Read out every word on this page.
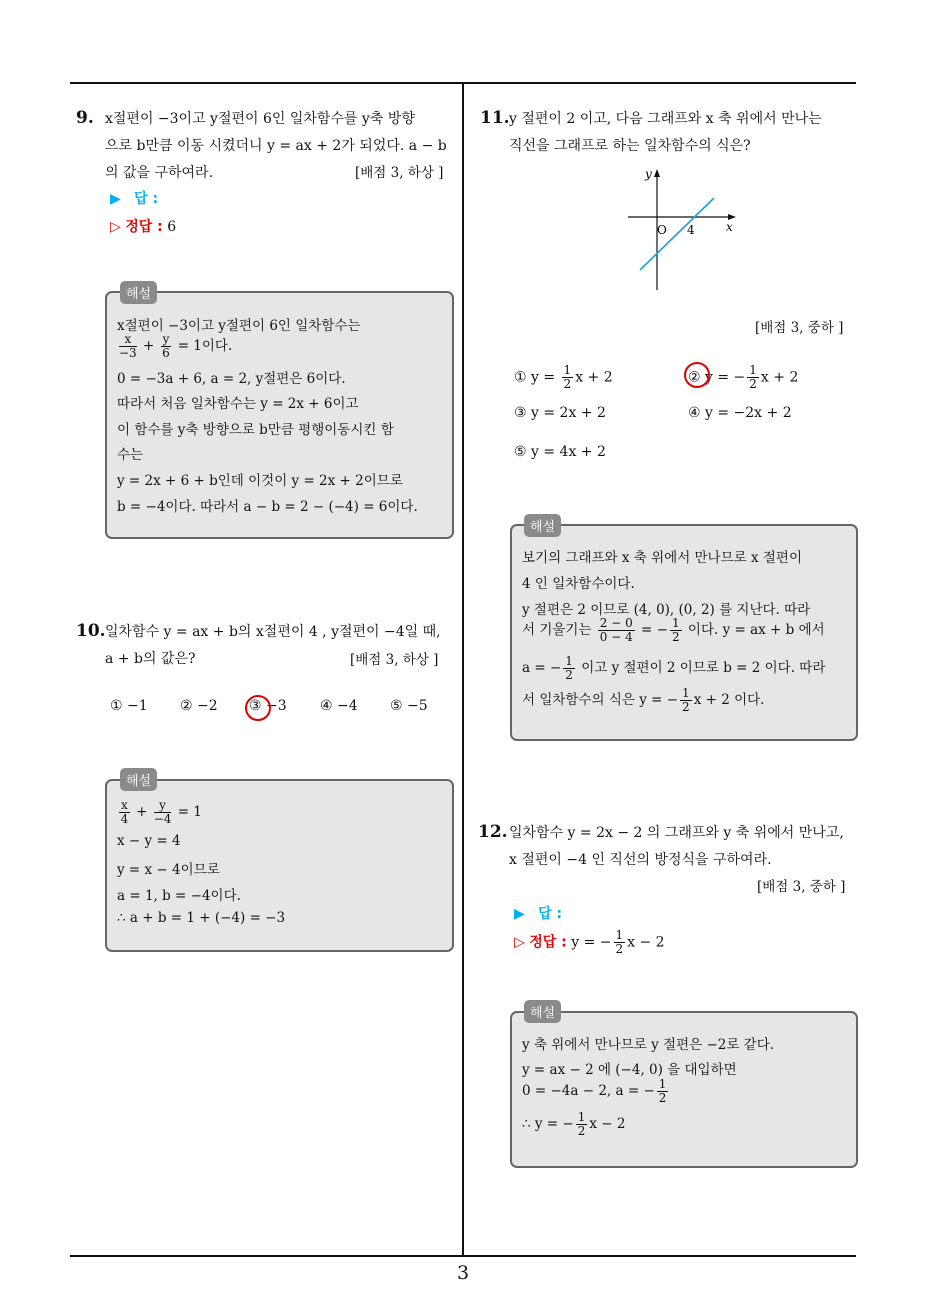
9. x절편이 −3이고 y절편이 6인 일차함수를 y축 방향
으로 b만큼 이동 시켰더니 y = ax + 2가 되었다. a − b
의 값을 구하여라.	[배점 3, 하상 ]
▶ 답 :
▷ 정답 : 6
해설
x절편이 −3이고 y절편이 6인 일차함수는
$\frac{x}{-3} + \frac{y}{6} = 1$이다.
0 = −3a + 6, a = 2, y절편은 6이다.
따라서 처음 일차함수는 y = 2x + 6이고
이 함수를 y축 방향으로 b만큼 평행이동시킨 함
수는
y = 2x + 6 + b인데 이것이 y = 2x + 2이므로
b = −4이다. 따라서 a − b = 2 − (−4) = 6이다.
10. 일차함수 y = ax + b의 x절편이 4 , y절편이 −4일 때,
a + b의 값은?	[배점 3, 하상 ]
① −1 ② −2 ③ −3 ④ −4 ⑤ −5
해설
$\frac{x}{4} + \frac{y}{-4} = 1$
x − y = 4
y = x − 4이므로
a = 1, b = −4이다.
∴ a + b = 1 + (−4) = −3
11. y 절편이 2 이고, 다음 그래프와 x 축 위에서 만나는
직선을 그래프로 하는 일차함수의 식은?
y
x
O 4
[배점 3, 중하 ]
① $y = \frac{1}{2}$ x + 2	② y = − $\frac{1}{2}$ x + 2
③ y = 2x + 2	④ y = −2x + 2
⑤ y = 4x + 2
해설
보기의 그래프와 x 축 위에서 만나므로 x 절편이
4 인 일차함수이다.
y 절편은 2 이므로 (4, 0), (0, 2) 를 지난다. 따라
서 기울기는 $\frac{2 - 0}{0 - 4}$ = − $\frac{1}{2}$ 이다. y = ax + b 에서
a = − $\frac{1}{2}$ 이고 y 절편이 2 이므로 b = 2 이다. 따라
서 일차함수의 식은 y = − $\frac{1}{2}$ x + 2 이다.
12. 일차함수 y = 2x − 2 의 그래프와 y 축 위에서 만나고,
x 절편이 −4 인 직선의 방정식을 구하여라.
[배점 3, 중하 ]
▶ 답 :
▷ 정답 : y = − $\frac{1}{2}$ x − 2
해설
y 축 위에서 만나므로 y 절편은 −2로 같다.
y = ax − 2 에 (−4, 0) 을 대입하면
0 = −4a − 2, a = − $\frac{1}{2}$
∴ y = − $\frac{1}{2}$ x − 2
3
